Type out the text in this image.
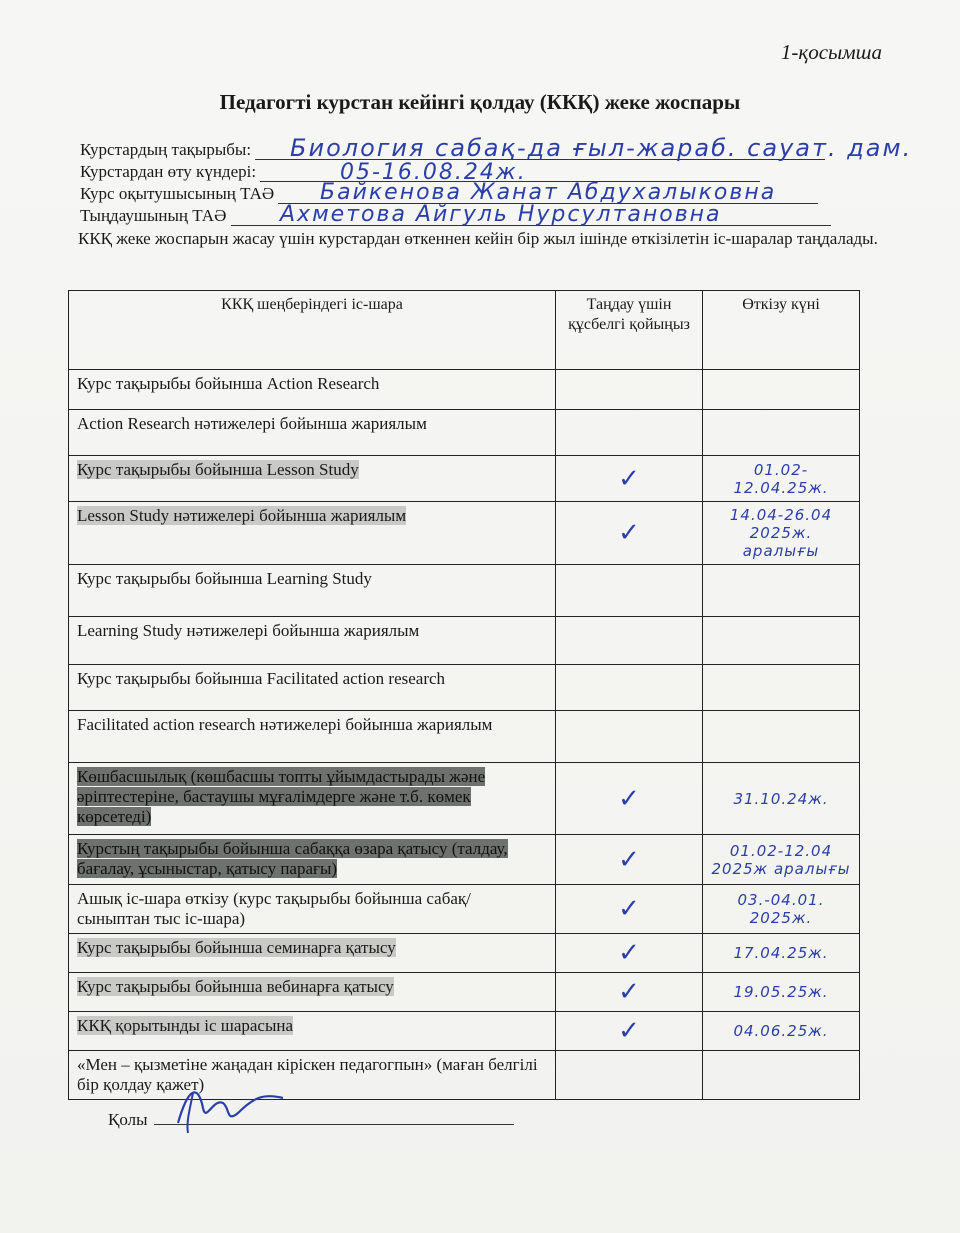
1-қосымша
Педагогті курстан кейінгі қолдау (ККҚ) жеке жоспары
Курстардың тақырыбы:	Биология сабақ-да ғыл-жараб. сауат. дам.
Курстардан өту күндері:	05-16.08.24ж.
Курс оқытушысының ТАӘ	Байкенова Жанат Абдухалыковна
Тыңдаушының ТАӘ	Ахметова Айгуль Нурсултановна
ККҚ жеке жоспарын жасау үшін курстардан өткеннен кейін бір жыл ішінде өткізілетін іс-шаралар таңдалады.
ККҚ шеңберіндегі іс-шара	Таңдау үшін құсбелгі қойыңыз	Өткізу күні
Курс тақырыбы бойынша Action Research		
Action Research нәтижелері бойынша жариялым		
Курс тақырыбы бойынша Lesson Study	✓	01.02-12.04.25ж.
Lesson Study нәтижелері бойынша жариялым	✓	14.04-26.04 2025ж. аралығы
Курс тақырыбы бойынша Learning Study		
Learning Study нәтижелері бойынша жариялым		
Курс тақырыбы бойынша Facilitated action research		
Facilitated action research нәтижелері бойынша жариялым		
Көшбасшылық (көшбасшы топты ұйымдастырады және әріптестеріне, бастаушы мұғалімдерге және т.б. көмек көрсетеді)	✓	31.10.24ж.
Курстың тақырыбы бойынша сабаққа өзара қатысу (талдау, бағалау, ұсыныстар, қатысу парағы)	✓	01.02-12.04 2025ж аралығы
Ашық іс-шара өткізу (курс тақырыбы бойынша сабақ/ сыныптан тыс іс-шара)	✓	03.-04.01. 2025ж.
Курс тақырыбы бойынша семинарға қатысу	✓	17.04.25ж.
Курс тақырыбы бойынша вебинарға қатысу	✓	19.05.25ж.
ККҚ қорытынды іс шарасына	✓	04.06.25ж.
«Мен – қызметіне жаңадан кіріскен педагогпын» (маған белгілі бір қолдау қажет)		
Қолы
